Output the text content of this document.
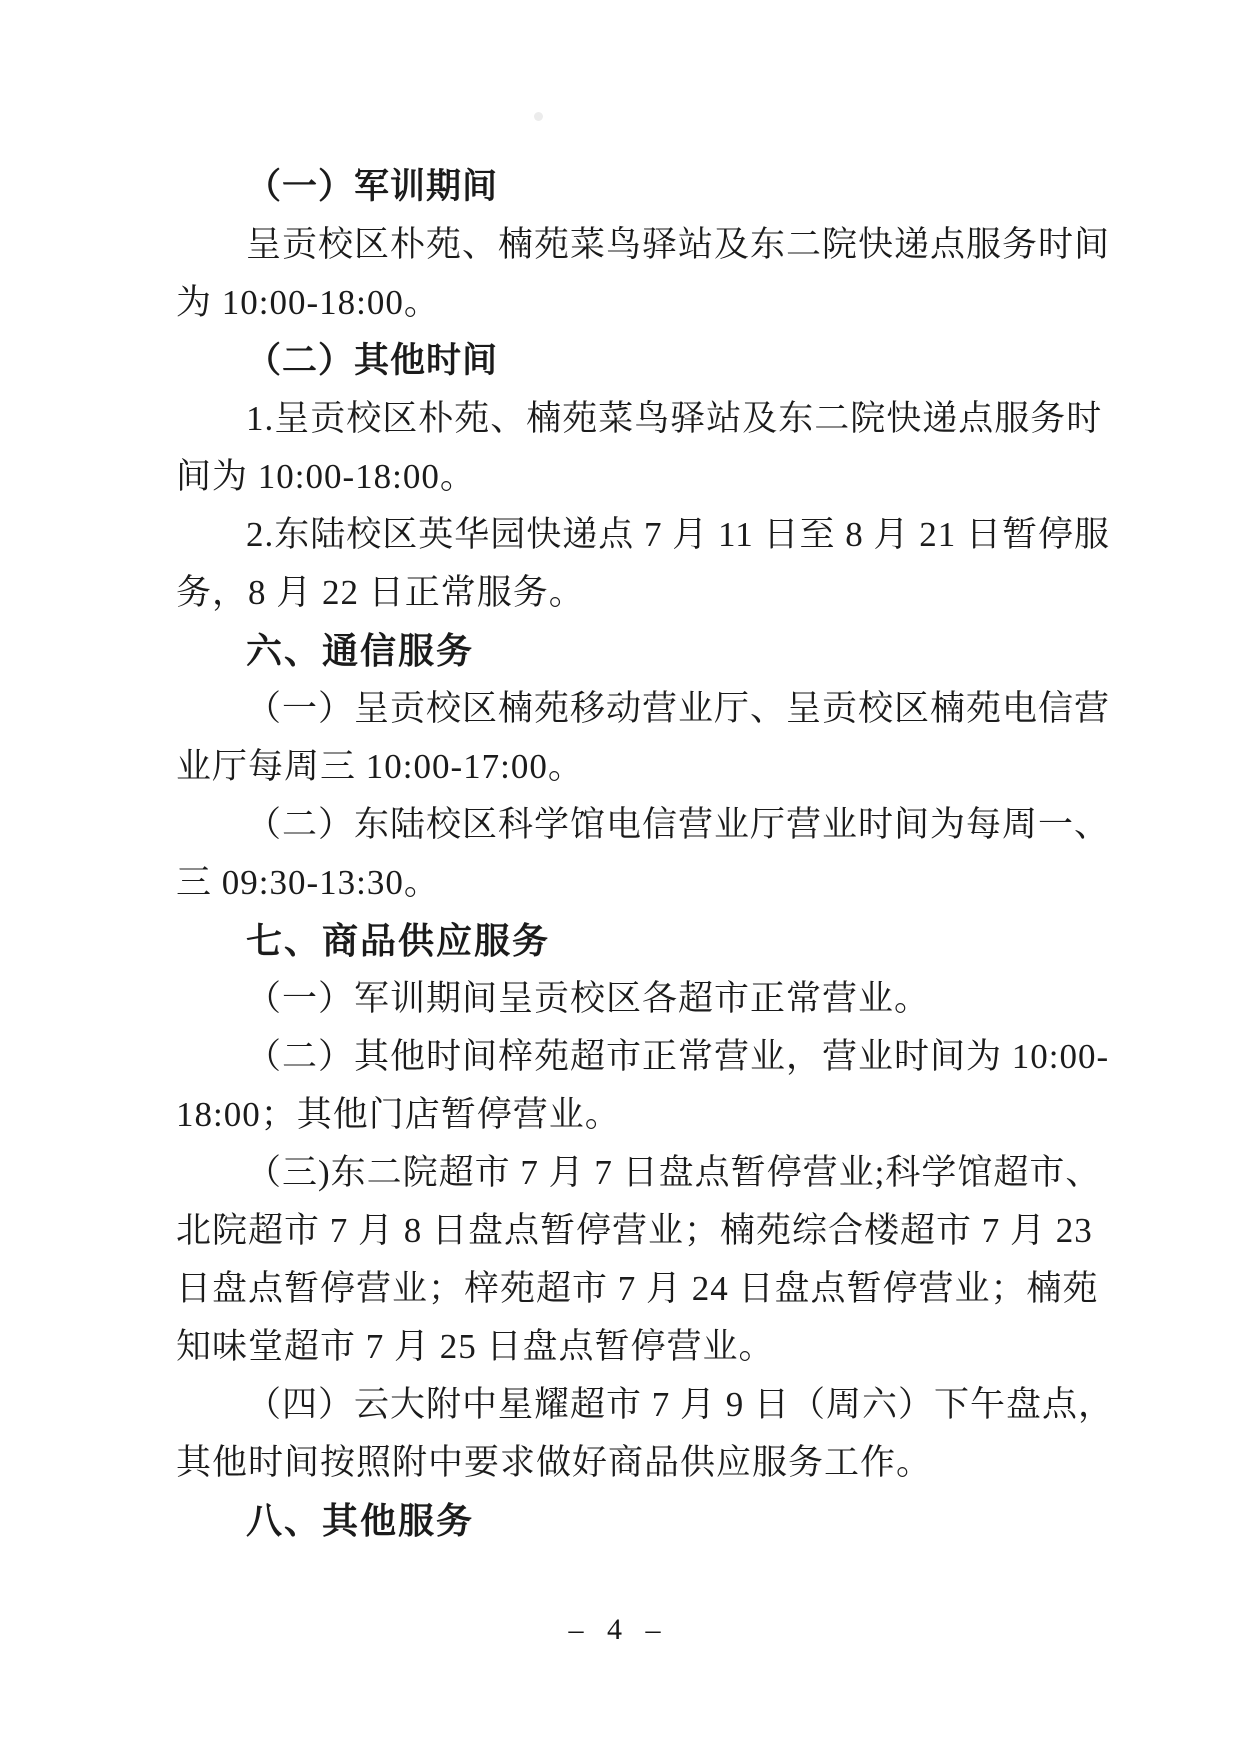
（一）军训期间
呈贡校区朴苑、楠苑菜鸟驿站及东二院快递点服务时间
为 10:00-18:00。
（二）其他时间
1.呈贡校区朴苑、楠苑菜鸟驿站及东二院快递点服务时
间为 10:00-18:00。
2.东陆校区英华园快递点 7 月 11 日至 8 月 21 日暂停服
务，8 月 22 日正常服务。
六、通信服务
（一）呈贡校区楠苑移动营业厅、呈贡校区楠苑电信营
业厅每周三 10:00-17:00。
（二）东陆校区科学馆电信营业厅营业时间为每周一、
三 09:30-13:30。
七、商品供应服务
（一）军训期间呈贡校区各超市正常营业。
（二）其他时间梓苑超市正常营业，营业时间为 10:00-
18:00；其他门店暂停营业。
（三)东二院超市 7 月 7 日盘点暂停营业;科学馆超市、
北院超市 7 月 8 日盘点暂停营业；楠苑综合楼超市 7 月 23
日盘点暂停营业；梓苑超市 7 月 24 日盘点暂停营业；楠苑
知味堂超市 7 月 25 日盘点暂停营业。
（四）云大附中星耀超市 7 月 9 日（周六）下午盘点，
其他时间按照附中要求做好商品供应服务工作。
八、其他服务
– 4 –
